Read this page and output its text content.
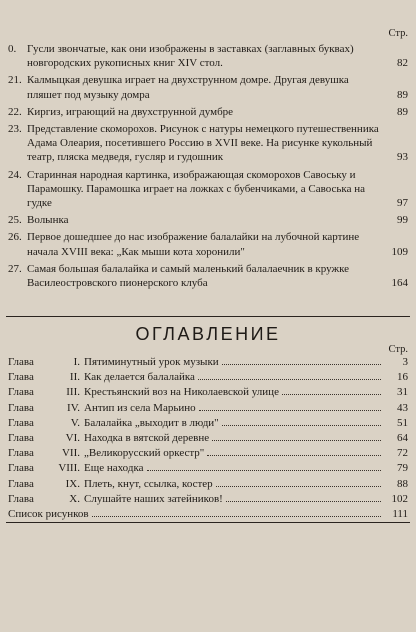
Стр.
0. Гусли звончатые, как они изображены в заставках (заглавных буквах) новгородских рукописных книг XIV стол.	82
21. Калмыцкая девушка играет на двухструнном домре. Другая девушка пляшет под музыку домра	89
22. Киргиз, играющий на двухструнной думбре	89
23. Представление скоморохов. Рисунок с натуры немецкого путешественника Адама Олеария, посетившего Россию в XVII веке. На рисунке кукольный театр, пляска медведя, гусляр и гудошник	93
24. Старинная народная картинка, изображающая скоморохов Савоську и Парамошку. Парамошка играет на ложках с бубенчиками, а Савоська на гудке	97
25. Волынка	99
26. Первое дошедшее до нас изображение балалайки на лубочной картине начала XVIII века: „Как мыши кота хоронили"	109
27. Самая большая балалайка и самый маленький балалаечник в кружке Василеостровского пионерского клуба	164
ОГЛАВЛЕНИЕ
Стр.
Глава	I. Пятиминутный урок музыки	3
Глава	II. Как делается балалайка	16
Глава	III. Крестьянский воз на Николаевской улице	31
Глава	IV. Антип из села Марьино	43
Глава	V. Балалайка „выходит в люди"	51
Глава	VI. Находка в вятской деревне	64
Глава	VII. „Великорусский оркестр"	72
Глава	VIII. Еще находка	79
Глава	IX. Плеть, кнут, ссылка, костер	88
Глава	X. Слушайте наших затейников!	102
Список рисунков	111
